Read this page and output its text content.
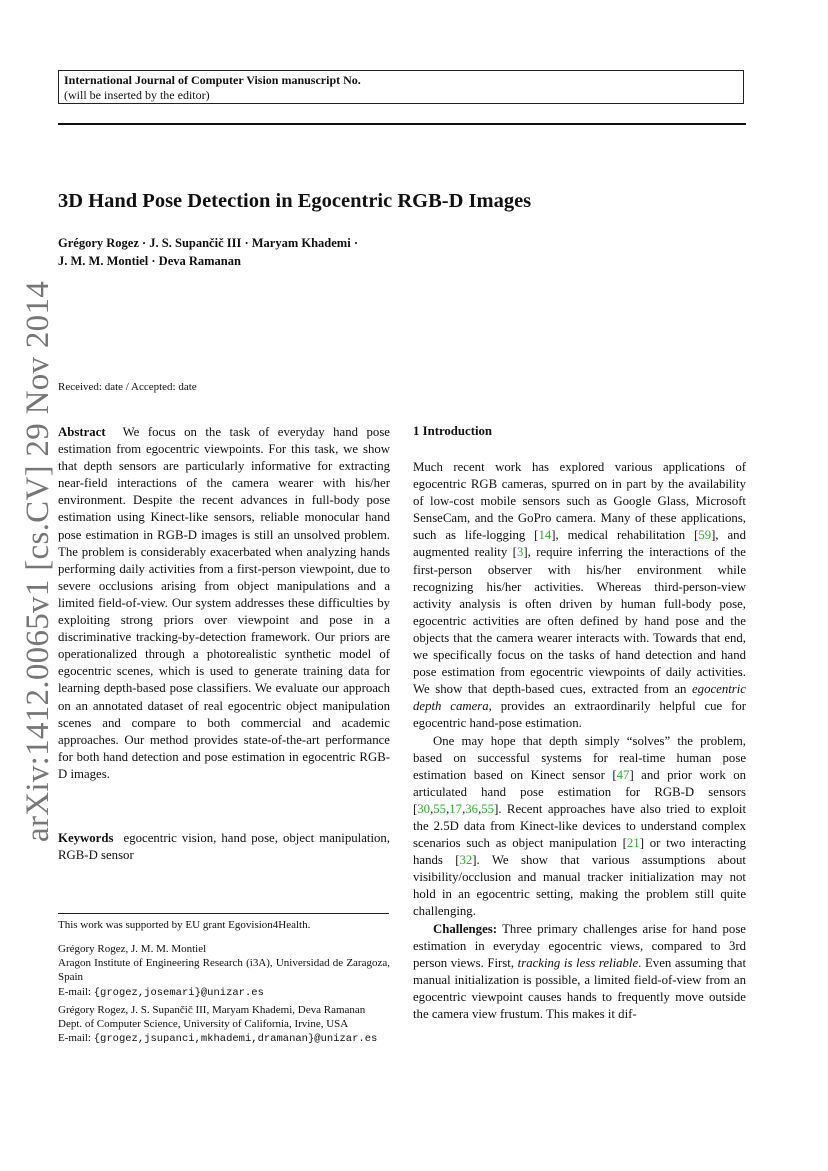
International Journal of Computer Vision manuscript No.
(will be inserted by the editor)
3D Hand Pose Detection in Egocentric RGB-D Images
Grégory Rogez · J. S. Supančič III · Maryam Khademi ·
J. M. M. Montiel · Deva Ramanan
arXiv:1412.0065v1 [cs.CV] 29 Nov 2014 Received: date / Accepted: date

Abstract We focus on the task of everyday hand pose estimation from egocentric viewpoints. For this task, we show that depth sensors are particularly informative for extracting near-field interactions of the camera wearer with his/her environment. Despite the recent advances in full-body pose estimation using Kinect-like sensors, reliable monocular hand pose estimation in RGB-D images is still an unsolved problem. The problem is considerably exacerbated when analyzing hands performing daily activities from a first-person viewpoint, due to severe occlusions arising from object manipulations and a limited field-of-view. Our system addresses these difficulties by exploiting strong priors over viewpoint and pose in a discriminative tracking-by-detection framework. Our priors are operationalized through a photorealistic synthetic model of egocentric scenes, which is used to generate training data for learning depth-based pose classifiers. We evaluate our approach on an annotated dataset of real egocentric object manipulation scenes and compare to both commercial and academic approaches. Our method provides state-of-the-art performance for both hand detection and pose estimation in egocentric RGB-D images.

Keywords egocentric vision, hand pose, object manipulation, RGB-D sensor

This work was supported by EU grant Egovision4Health.
Grégory Rogez, J. M. M. Montiel
Aragon Institute of Engineering Research (i3A), Universidad de Zaragoza, Spain
E-mail: {grogez,josemari}@unizar.es
Grégory Rogez, J. S. Supančič III, Maryam Khademi, Deva Ramanan
Dept. of Computer Science, University of California, Irvine, USA
E-mail: {grogez,jsupanci,mkhademi,dramanan}@unizar.es
1 Introduction

Much recent work has explored various applications of egocentric RGB cameras, spurred on in part by the availability of low-cost mobile sensors such as Google Glass, Microsoft SenseCam, and the GoPro camera. Many of these applications, such as life-logging [14], medical rehabilitation [59], and augmented reality [3], require inferring the interactions of the first-person observer with his/her environment while recognizing his/her activities. Whereas third-person-view activity analysis is often driven by human full-body pose, egocentric activities are often defined by hand pose and the objects that the camera wearer interacts with. Towards that end, we specifically focus on the tasks of hand detection and hand pose estimation from egocentric viewpoints of daily activities. We show that depth-based cues, extracted from an egocentric depth camera, provides an extraordinarily helpful cue for egocentric hand-pose estimation.

One may hope that depth simply “solves” the problem, based on successful systems for real-time human pose estimation based on Kinect sensor [47] and prior work on articulated hand pose estimation for RGB-D sensors [30,55,17,36,55]. Recent approaches have also tried to exploit the 2.5D data from Kinect-like devices to understand complex scenarios such as object manipulation [21] or two interacting hands [32]. We show that various assumptions about visibility/occlusion and manual tracker initialization may not hold in an egocentric setting, making the problem still quite challenging.

Challenges: Three primary challenges arise for hand pose estimation in everyday egocentric views, compared to 3rd person views. First, tracking is less reliable. Even assuming that manual initialization is possible, a limited field-of-view from an egocentric viewpoint causes hands to frequently move outside the camera view frustum. This makes it dif-
